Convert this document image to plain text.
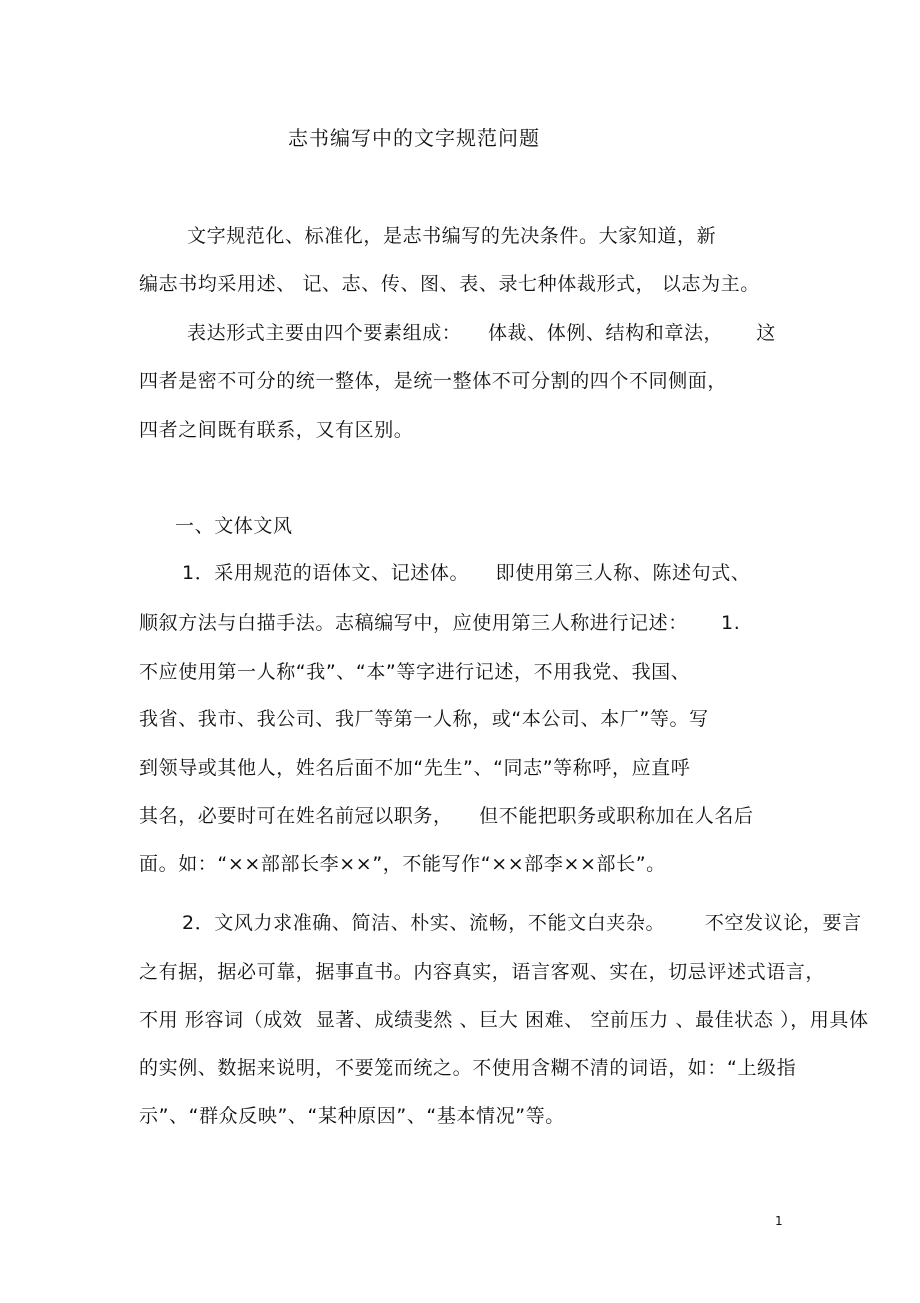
志书编写中的文字规范问题
文字规范化、标准化，是志书编写的先决条件。大家知道，新
编志书均采用述、 记、志、传、图、表、录七种体裁形式， 以志为主。
表达形式主要由四个要素组成：    体裁、体例、结构和章法，     这
四者是密不可分的统一整体，是统一整体不可分割的四个不同侧面，
四者之间既有联系，又有区别。
一、文体文风
1．采用规范的语体文、记述体。    即使用第三人称、陈述句式、
顺叙方法与白描手法。志稿编写中，应使用第三人称进行记述：     1.
不应使用第一人称“我”、“本”等字进行记述，不用我党、我国、
我省、我市、我公司、我厂等第一人称，或“本公司、本厂”等。写
到领导或其他人，姓名后面不加“先生”、“同志”等称呼，应直呼
其名，必要时可在姓名前冠以职务，    但不能把职务或职称加在人名后
面。如：“××部部长李××”，不能写作“××部李××部长”。
2．文风力求准确、简洁、朴实、流畅，不能文白夹杂。      不空发议论，要言
之有据，据必可靠，据事直书。内容真实，语言客观、实在，切忌评述式语言，
不用 形容词（成效  显著、成绩斐然 、巨大 困难、 空前压力 、最佳状态 ），用具体
的实例、数据来说明，不要笼而统之。不使用含糊不清的词语，如：“上级指
示”、“群众反映”、“某种原因”、“基本情况”等。
1
